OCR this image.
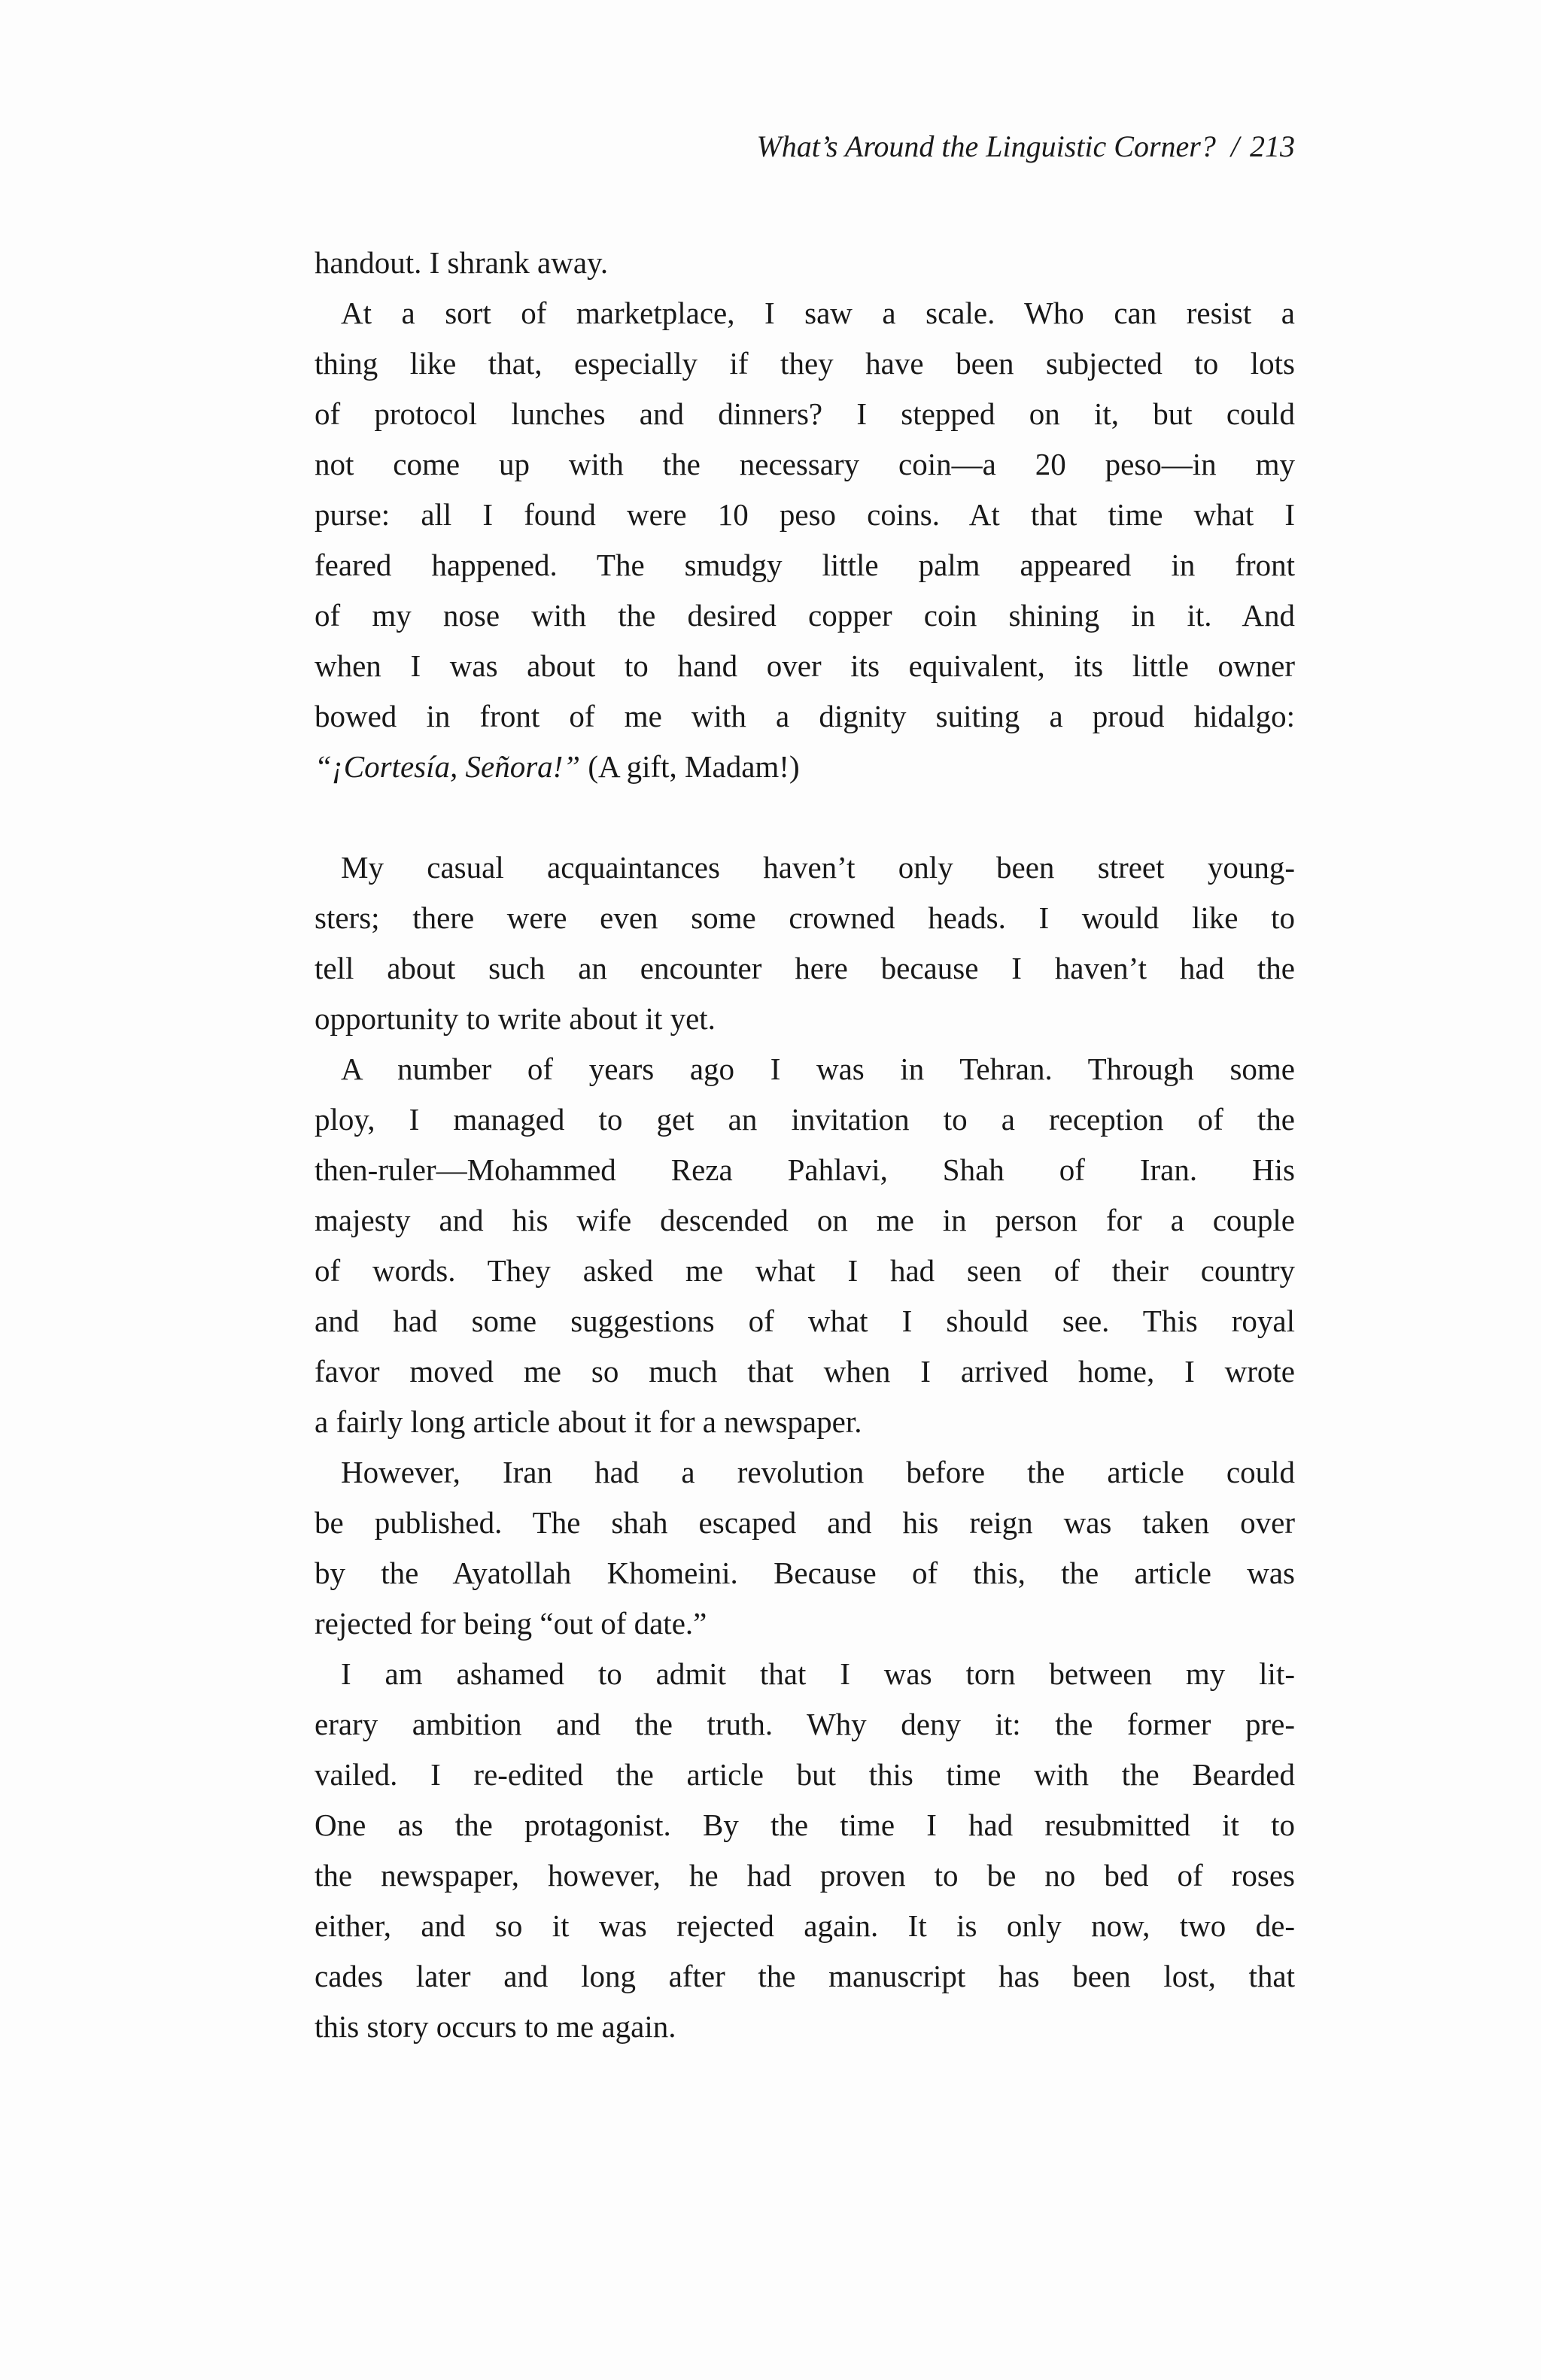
What’s Around the Linguistic Corner? / 213
handout. I shrank away.
At a sort of marketplace, I saw a scale. Who can resist a
thing like that, especially if they have been subjected to lots
of protocol lunches and dinners? I stepped on it, but could
not come up with the necessary coin—a 20 peso—in my
purse: all I found were 10 peso coins. At that time what I
feared happened. The smudgy little palm appeared in front
of my nose with the desired copper coin shining in it. And
when I was about to hand over its equivalent, its little owner
bowed in front of me with a dignity suiting a proud hidalgo:
“¡Cortesía, Señora!” (A gift, Madam!)
My casual acquaintances haven’t only been street young-
sters; there were even some crowned heads. I would like to
tell about such an encounter here because I haven’t had the
opportunity to write about it yet.
A number of years ago I was in Tehran. Through some
ploy, I managed to get an invitation to a reception of the
then-ruler—Mohammed Reza Pahlavi, Shah of Iran. His
majesty and his wife descended on me in person for a couple
of words. They asked me what I had seen of their country
and had some suggestions of what I should see. This royal
favor moved me so much that when I arrived home, I wrote
a fairly long article about it for a newspaper.
However, Iran had a revolution before the article could
be published. The shah escaped and his reign was taken over
by the Ayatollah Khomeini. Because of this, the article was
rejected for being “out of date.”
I am ashamed to admit that I was torn between my lit-
erary ambition and the truth. Why deny it: the former pre-
vailed. I re-edited the article but this time with the Bearded
One as the protagonist. By the time I had resubmitted it to
the newspaper, however, he had proven to be no bed of roses
either, and so it was rejected again. It is only now, two de-
cades later and long after the manuscript has been lost, that
this story occurs to me again.
